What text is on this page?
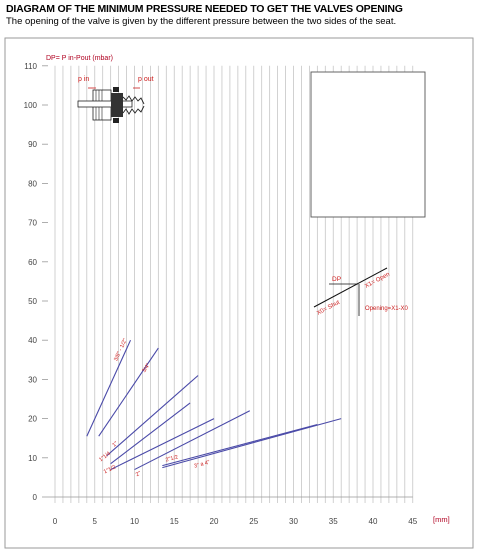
DIAGRAM OF THE MINIMUM PRESSURE NEEDED TO GET THE VALVES OPENING
The opening of the valve is given by the different pressure between the two sides of the seat.
10
20
30
40
50
60
70
80
90
100
110
0
0	5	10	15	20	25	30	35	40	45
DP= P in-Pout (mbar)
[mm]
p in	p out
DP
X0= Shut
X1= Open
Opening=X1-X0
3/8" - 1/2"
3/4"
1"
1"1/4
1"1/2	2"
2"1/2
3" a 4"
